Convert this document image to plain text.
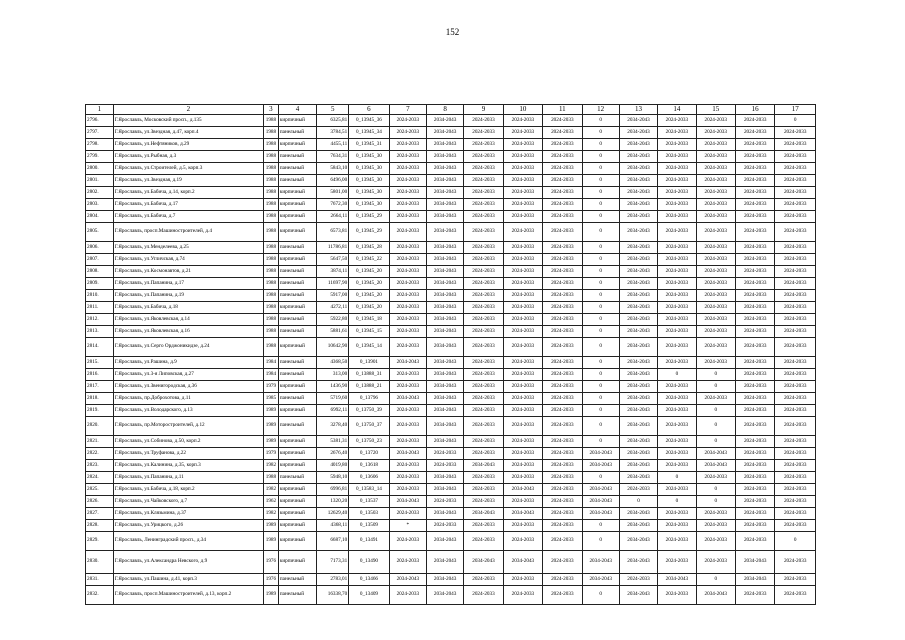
152
1	2	3	4	5	6	7	8	9	10	11	12	13	14	15	16	17
2796.	Г.Ярославль, Московский просп., д.135	1988	кирпичный	6325,81	0_13945_36	2024-2033	2034-2043	2024-2033	2024-2033	2024-2033	0	2034-2043	2024-2033	2024-2033	2024-2033	0
2797.	Г.Ярославль, ул.Звездная, д.47, корп.4	1988	панельный	3784,51	0_13945_34	2024-2033	2034-2043	2024-2033	2024-2033	2024-2033	0	2034-2043	2024-2033	2024-2033	2024-2033	2024-2033
2798.	Г.Ярославль, ул.Нефтяников, д.29	1988	кирпичный	4455,11	0_13945_31	2024-2033	2034-2043	2024-2033	2024-2033	2024-2033	0	2034-2043	2024-2033	2024-2033	2024-2033	2024-2033
2799.	Г.Ярославль, ул.Рыбная, д.3	1988	панельный	7634,31	0_13945_30	2024-2033	2034-2043	2024-2033	2024-2033	2024-2033	0	2034-2043	2024-2033	2024-2033	2024-2033	2024-2033
2800.	Г.Ярославль, ул.Строителей, д.5, корп.3	1988	панельный	5843,10	0_13945_30	2024-2033	2034-2043	2024-2033	2024-2033	2024-2033	0	2034-2043	2024-2033	2024-2033	2024-2033	2024-2033
2801.	Г.Ярославль, ул.Звездная, д.19	1988	панельный	6496,00	0_13945_30	2024-2033	2034-2043	2024-2033	2024-2033	2024-2033	0	2034-2043	2024-2033	2024-2033	2024-2033	2024-2033
2802.	Г.Ярославль, ул.Бабича, д.14, корп.2	1988	кирпичный	5801,00	0_13945_30	2024-2033	2034-2043	2024-2033	2024-2033	2024-2033	0	2034-2043	2024-2033	2024-2033	2024-2033	2024-2033
2803.	Г.Ярославль, ул.Бабича, д.17	1988	кирпичный	7672,30	0_13945_30	2024-2033	2034-2043	2024-2033	2024-2033	2024-2033	0	2034-2043	2024-2033	2024-2033	2024-2033	2024-2033
2804.	Г.Ярославль, ул.Бабича, д.7	1988	кирпичный	2664,11	0_13945_29	2024-2033	2034-2043	2024-2033	2024-2033	2024-2033	0	2034-2043	2024-2033	2024-2033	2024-2033	2024-2033
2805.	Г.Ярославль, просп.Машиностроителей, д.4	1988	кирпичный	6573,81	0_13945_29	2024-2033	2034-2043	2024-2033	2024-2033	2024-2033	0	2034-2043	2024-2033	2024-2033	2024-2033	2024-2033
2806.	Г.Ярославль, ул.Менделеева, д.25	1988	панельный	11786,81	0_13945_28	2024-2033	2034-2043	2024-2033	2024-2033	2024-2033	0	2034-2043	2024-2033	2024-2033	2024-2033	2024-2033
2807.	Г.Ярославль, ул.Угличская, д.74	1988	кирпичный	5647,50	0_13945_22	2024-2033	2034-2043	2024-2033	2024-2033	2024-2033	0	2034-2043	2024-2033	2024-2033	2024-2033	2024-2033
2808.	Г.Ярославль, ул.Космонавтов, д.21	1988	панельный	3874,11	0_13945_20	2024-2033	2034-2043	2024-2033	2024-2033	2024-2033	0	2034-2043	2024-2033	2024-2033	2024-2033	2024-2033
2809.	Г.Ярославль, ул.Папанина, д.17	1988	панельный	11697,90	0_13945_20	2024-2033	2034-2043	2024-2033	2024-2033	2024-2033	0	2034-2043	2024-2033	2024-2033	2024-2033	2024-2033
2810.	Г.Ярославль, ул.Папанина, д.19	1988	панельный	5917,00	0_13945_20	2024-2033	2034-2043	2024-2033	2024-2033	2024-2033	0	2034-2043	2024-2033	2024-2033	2024-2033	2024-2033
2811.	Г.Ярославль, ул.Бабича, д.18	1988	кирпичный	4272,11	0_13945_20	2024-2033	2034-2043	2024-2033	2024-2033	2024-2033	0	2034-2043	2024-2033	2024-2033	2024-2033	2024-2033
2812.	Г.Ярославль, ул.Яковлевская, д.14	1988	панельный	5922,80	0_13945_18	2024-2033	2034-2043	2024-2033	2024-2033	2024-2033	0	2034-2043	2024-2033	2024-2033	2024-2033	2024-2033
2813.	Г.Ярославль, ул.Яковлевская, д.16	1988	панельный	5881,61	0_13945_15	2024-2033	2034-2043	2024-2033	2024-2033	2024-2033	0	2034-2043	2024-2033	2024-2033	2024-2033	2024-2033
2814.	Г.Ярославль, ул.Серго Орджоникидзе, д.24	1988	кирпичный	10642,90	0_13945_14	2024-2033	2034-2043	2024-2033	2024-2033	2024-2033	0	2034-2043	2024-2033	2024-2033	2024-2033	2024-2033
2815.	Г.Ярославль, ул.Рашина, д.9	1984	панельный	4368,50	0_13901	2034-2043	2034-2043	2024-2033	2024-2033	2024-2033	0	2034-2043	2024-2033	2024-2033	2024-2033	2024-2033
2816.	Г.Ярославль, ул.3-я Липовская, д.27	1984	панельный	313,00	0_13888_31	2024-2033	2034-2043	2024-2033	2024-2033	2024-2033	0	2034-2043	0	0	2024-2033	2024-2033
2817.	Г.Ярославль, ул.Звенигородская, д.36	1979	кирпичный	1436,90	0_13888_21	2024-2033	2034-2043	2024-2033	2024-2033	2024-2033	0	2034-2043	2024-2033	0	2024-2033	2024-2033
2818.	Г.Ярославль, пр.Доброхотова, д.11	1985	панельный	5719,60	0_13796	2034-2043	2034-2043	2024-2033	2024-2033	2024-2033	0	2034-2043	2024-2033	2024-2033	2024-2033	2024-2033
2819.	Г.Ярославль, ул.Володарского, д.13	1989	кирпичный	6992,11	0_13750_39	2024-2033	2034-2043	2024-2033	2024-2033	2024-2033	0	2034-2043	2024-2033	0	2024-2033	2024-2033
2820.	Г.Ярославль, пр.Моторостроителей, д.12	1989	панельный	3278,40	0_13750_37	2024-2033	2034-2043	2024-2033	2024-2033	2024-2033	0	2034-2043	2024-2033	0	2024-2033	2024-2033
2821.	Г.Ярославль, ул.Собинова, д.50, корп.2	1989	кирпичный	5381,31	0_13750_23	2024-2033	2034-2043	2024-2033	2024-2033	2024-2033	0	2034-2043	2024-2033	0	2024-2033	2024-2033
2822.	Г.Ярославль, ул.Труфанова, д.22	1979	кирпичный	2676,40	0_13720	2034-2043	2024-2033	2024-2033	2024-2033	2024-2033	2034-2043	2034-2043	2024-2033	2034-2043	2024-2033	2024-2033
2823.	Г.Ярославль, ул.Калинина, д.35, корп.3	1982	кирпичный	4019,80	0_13618	2024-2033	2024-2033	2034-2043	2024-2033	2024-2033	2034-2043	2034-2043	2024-2033	2034-2043	2024-2033	2024-2033
2824.	Г.Ярославль, ул.Папанина, д.11	1988	панельный	5948,10	0_13606	2024-2033	2034-2043	2024-2033	2024-2033	2024-2033	0	2034-2043	0	2024-2033	2024-2033	2024-2033
2825.	Г.Ярославль, ул.Бабича, д.18, корп.2	1982	кирпичный	6996,81	0_13583_14	2024-2033	2034-2043	2024-2033	2034-2043	2024-2033	2034-2043	2024-2033	2024-2033	0	2024-2033	2024-2033
2826.	Г.Ярославль, ул.Чайковского, д.7	1962	кирпичный	1320,20	0_13537	2034-2043	2024-2033	2024-2033	2024-2033	2024-2033	2034-2043	0	0	0	2024-2033	2024-2033
2827.	Г.Ярославль, ул.Клязьмина, д.37	1982	кирпичный	12629,40	0_13503	2024-2033	2034-2043	2034-2043	2034-2043	2024-2033	2034-2043	2034-2043	2024-2033	2024-2033	2024-2033	2024-2033
2828.	Г.Ярославль, ул.Урицкого, д.26	1989	кирпичный	4368,11	0_13509	*	2024-2033	2024-2033	2024-2033	2024-2033	0	2034-2043	2024-2033	2024-2033	2024-2033	2024-2033
2829.	Г.Ярославль, Ленинградский просп., д.34	1989	кирпичный	6687,10	0_13491	2024-2033	2034-2043	2024-2033	2024-2033	2024-2033	0	2034-2043	2024-2033	2024-2033	2024-2033	0
2830.	Г.Ярославль, ул.Александра Невского, д.9	1976	кирпичный	7173,31	0_13490	2024-2033	2034-2043	2034-2043	2034-2043	2024-2033	2034-2043	2034-2043	2024-2033	2024-2033	2034-2043	2024-2033
2831.	Г.Ярославль, ул.Пашина, д.41, корп.3	1976	панельный	2783,01	0_13466	2034-2043	2034-2043	2024-2033	2024-2033	2024-2033	2034-2043	2024-2033	2034-2043	0	2034-2043	2024-2033
2832.	Г.Ярославль, просп.Машиностроителей, д.13, корп.2	1989	панельный	16338,70	0_13409	2024-2033	2034-2043	2024-2033	2024-2033	2024-2033	0	2034-2043	2024-2033	2034-2043	2024-2033	2024-2033
